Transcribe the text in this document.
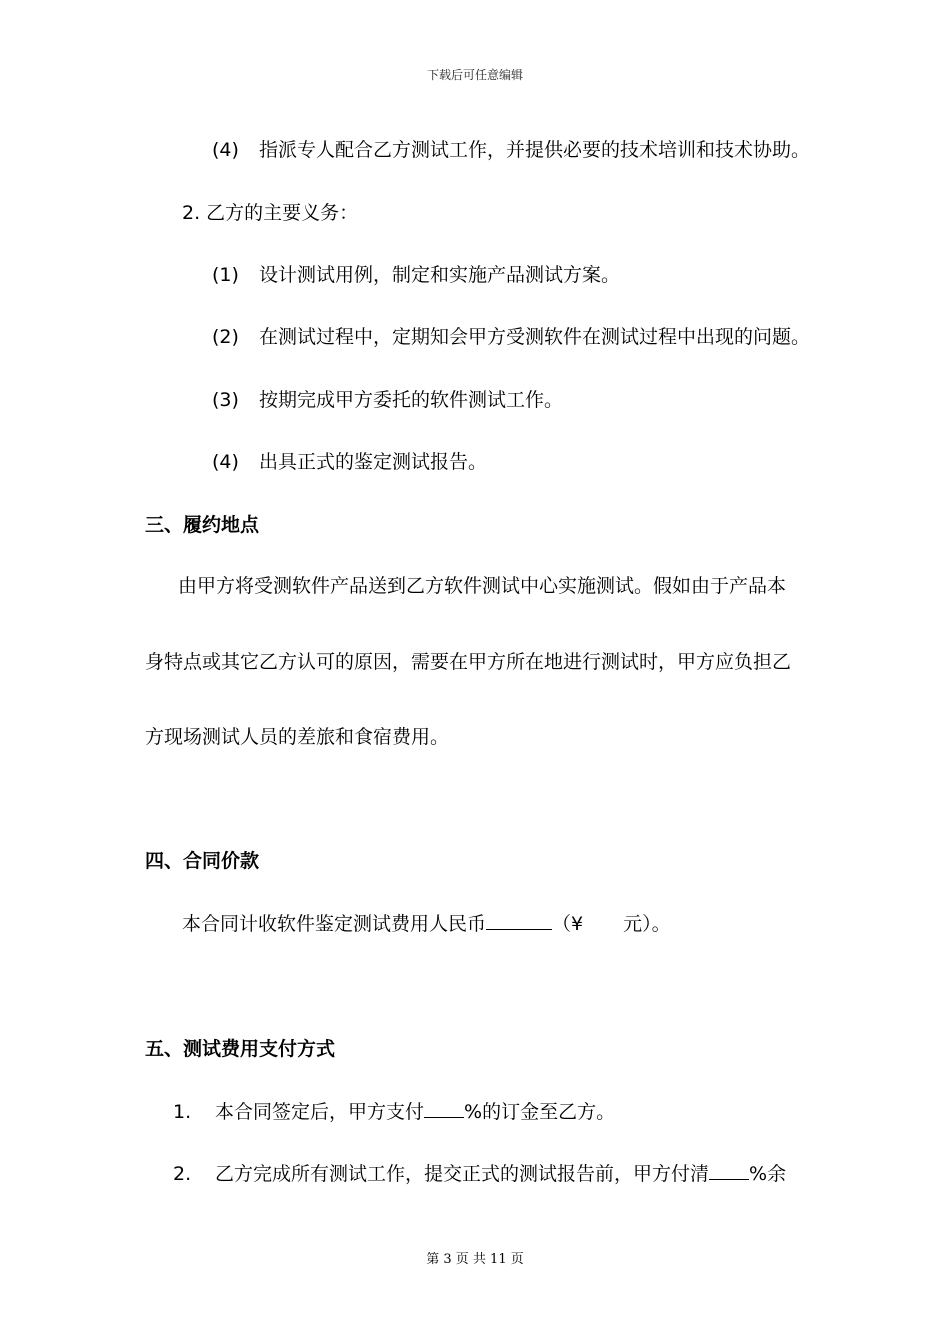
下载后可任意编辑
(4) 指派专人配合乙方测试工作，并提供必要的技术培训和技术协助。
2. 乙方的主要义务：
(1) 设计测试用例，制定和实施产品测试方案。
(2) 在测试过程中，定期知会甲方受测软件在测试过程中出现的问题。
(3) 按期完成甲方委托的软件测试工作。
(4) 出具正式的鉴定测试报告。
三、履约地点
由甲方将受测软件产品送到乙方软件测试中心实施测试。假如由于产品本
身特点或其它乙方认可的原因，需要在甲方所在地进行测试时，甲方应负担乙
方现场测试人员的差旅和食宿费用。
四、合同价款
本合同计收软件鉴定测试费用人民币	（¥ 元）。
五、测试费用支付方式
1. 本合同签定后，甲方支付 %的订金至乙方。
2. 乙方完成所有测试工作，提交正式的测试报告前，甲方付清 %余
第 3 页 共 11 页
